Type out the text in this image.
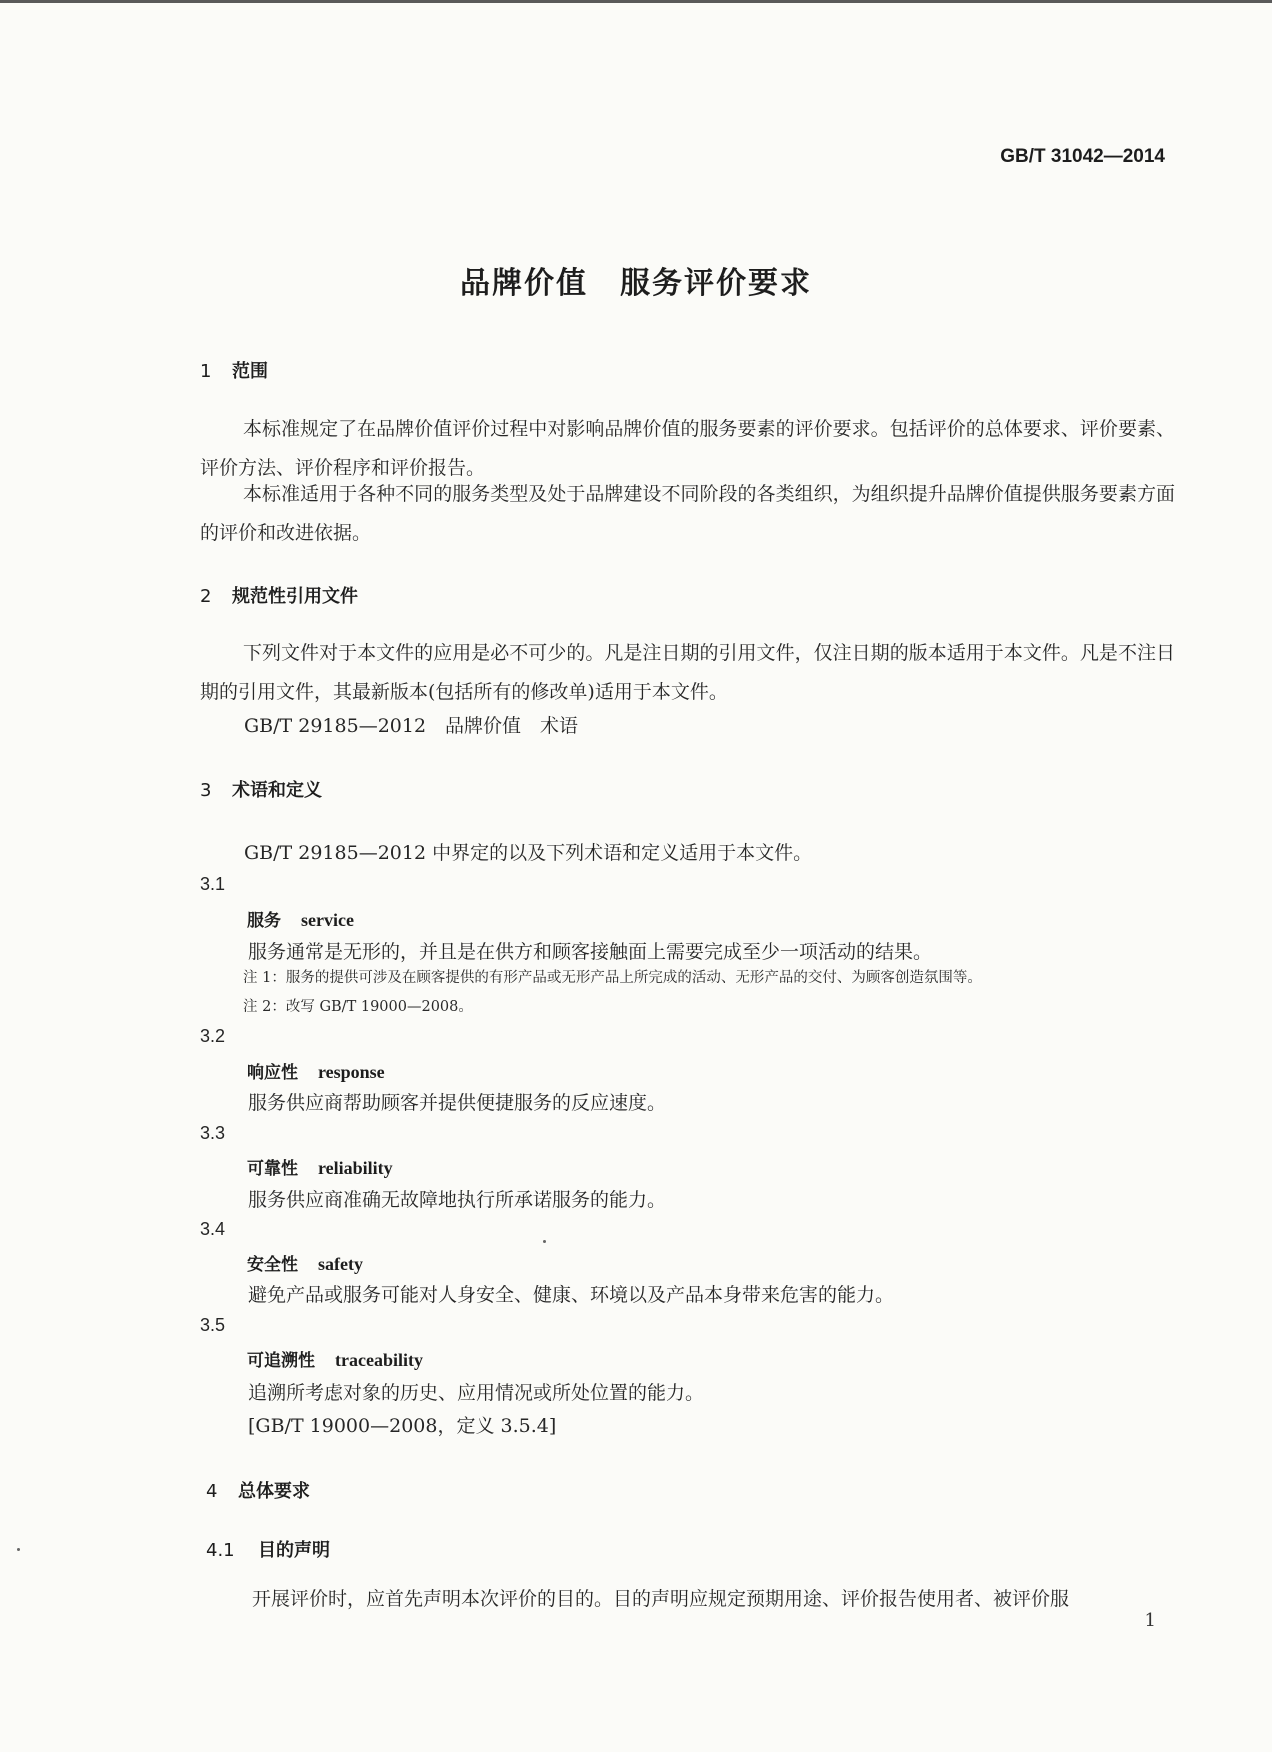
GB/T 31042—2014
品牌价值　服务评价要求
1 范围
本标准规定了在品牌价值评价过程中对影响品牌价值的服务要素的评价要求。包括评价的总体要求、评价要素、评价方法、评价程序和评价报告。
本标准适用于各种不同的服务类型及处于品牌建设不同阶段的各类组织，为组织提升品牌价值提供服务要素方面的评价和改进依据。
2 规范性引用文件
下列文件对于本文件的应用是必不可少的。凡是注日期的引用文件，仅注日期的版本适用于本文件。凡是不注日期的引用文件，其最新版本(包括所有的修改单)适用于本文件。
GB/T 29185—2012　品牌价值　术语
3 术语和定义
GB/T 29185—2012 中界定的以及下列术语和定义适用于本文件。
3.1
服务 service
服务通常是无形的，并且是在供方和顾客接触面上需要完成至少一项活动的结果。
注 1：服务的提供可涉及在顾客提供的有形产品或无形产品上所完成的活动、无形产品的交付、为顾客创造氛围等。
注 2：改写 GB/T 19000—2008。
3.2
响应性 response
服务供应商帮助顾客并提供便捷服务的反应速度。
3.3
可靠性 reliability
服务供应商准确无故障地执行所承诺服务的能力。
3.4
安全性 safety
避免产品或服务可能对人身安全、健康、环境以及产品本身带来危害的能力。
3.5
可追溯性 traceability
追溯所考虑对象的历史、应用情况或所处位置的能力。
[GB/T 19000—2008，定义 3.5.4]
4 总体要求
4.1 目的声明
开展评价时，应首先声明本次评价的目的。目的声明应规定预期用途、评价报告使用者、被评价服
1
